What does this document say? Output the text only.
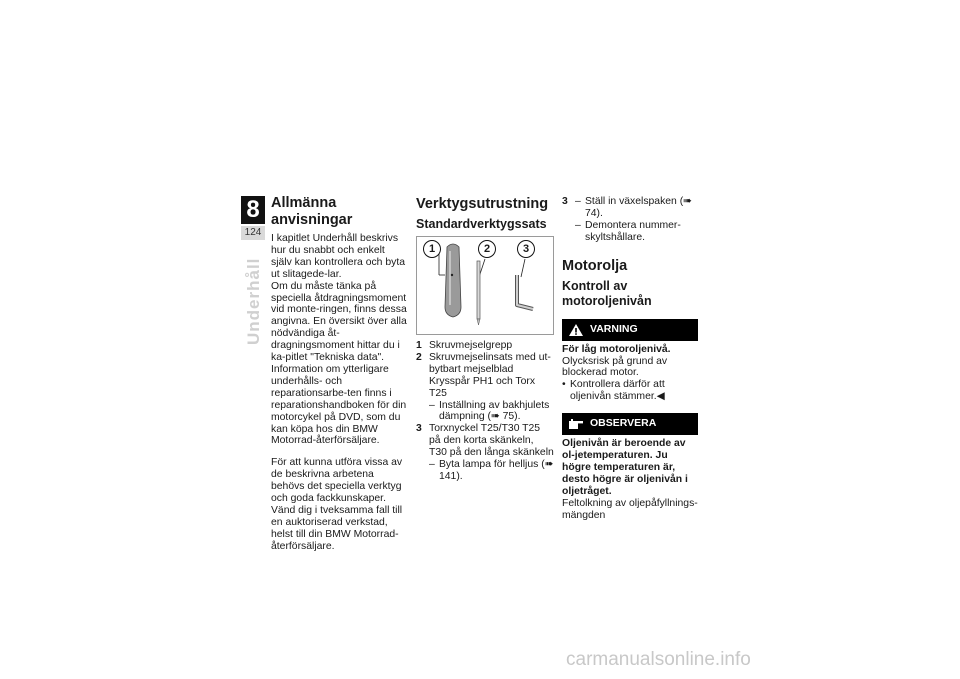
8
124
Underhåll
Allmänna anvisningar

I kapitlet Underhåll beskrivs hur du snabbt och enkelt själv kan kontrollera och byta ut slitagede-lar.

Om du måste tänka på speciella åtdragningsmoment vid monte-ringen, finns dessa angivna. En översikt över alla nödvändiga åt-dragningsmoment hittar du i ka-pitlet "Tekniska data".

Information om ytterligare underhålls- och reparationsarbe-ten finns i reparationshandboken för din motorcykel på DVD, som du kan köpa hos din BMW Motorrad-återförsäljare.

För att kunna utföra vissa av de beskrivna arbetena behövs det speciella verktyg och goda fackkunskaper. Vänd dig i tveksamma fall till en auktoriserad verkstad, helst till din BMW Motorrad-återförsäljare.

Verktygsutrustning
Standardverktygssats
1	2	3
1 Skruvmejselgrepp
2 Skruvmejselinsats med ut-bytbart mejselblad Krysspår PH1 och Torx T25
– Inställning av bakhjulets dämpning (➠ 75).
3 Torxnyckel T25/T30 T25 på den korta skänkeln, T30 på den långa skänkeln
– Byta lampa för helljus (➠ 141).
3 – Ställ in växelspaken (➠ 74).
– Demontera nummer-skyltshållare.
Motorolja
Kontroll av motoroljenivån
VARNING

För låg motoroljenivå.

Olycksrisk på grund av blockerad motor.

• Kontrollera därför att oljenivån stämmer.◀
OBSERVERA

Oljenivån är beroende av ol-jetemperaturen. Ju högre temperaturen är, desto högre är oljenivån i oljetråget.

Feltolkning av oljepåfyllnings-mängden

carmanualsonline.info
